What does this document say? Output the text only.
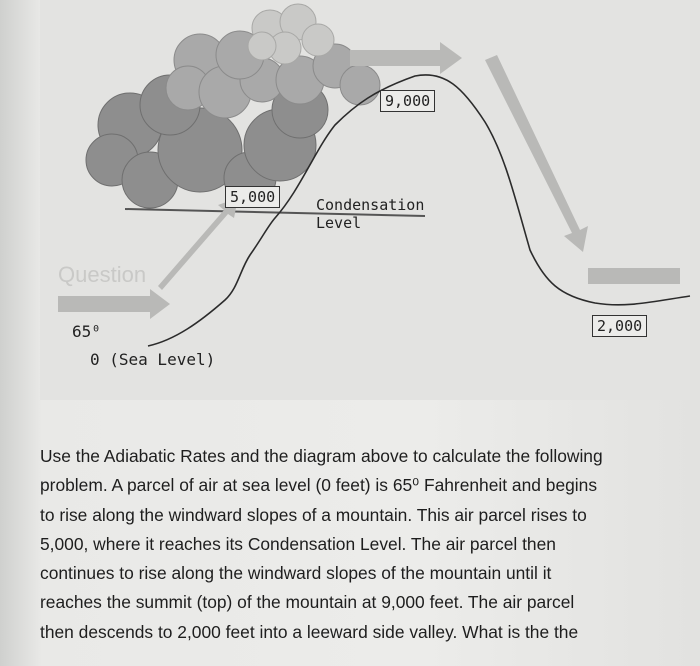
Question
9,000
5,000	Condensation
Level
2,000
65⁰
0 (Sea Level)

Use the Adiabatic Rates and the diagram above to calculate the following

problem. A parcel of air at sea level (0 feet) is 65⁰ Fahrenheit and begins

to rise along the windward slopes of a mountain. This air parcel rises to

5,000, where it reaches its Condensation Level. The air parcel then

continues to rise along the windward slopes of the mountain until it

reaches the summit (top) of the mountain at 9,000 feet. The air parcel

then descends to 2,000 feet into a leeward side valley. What is the the
